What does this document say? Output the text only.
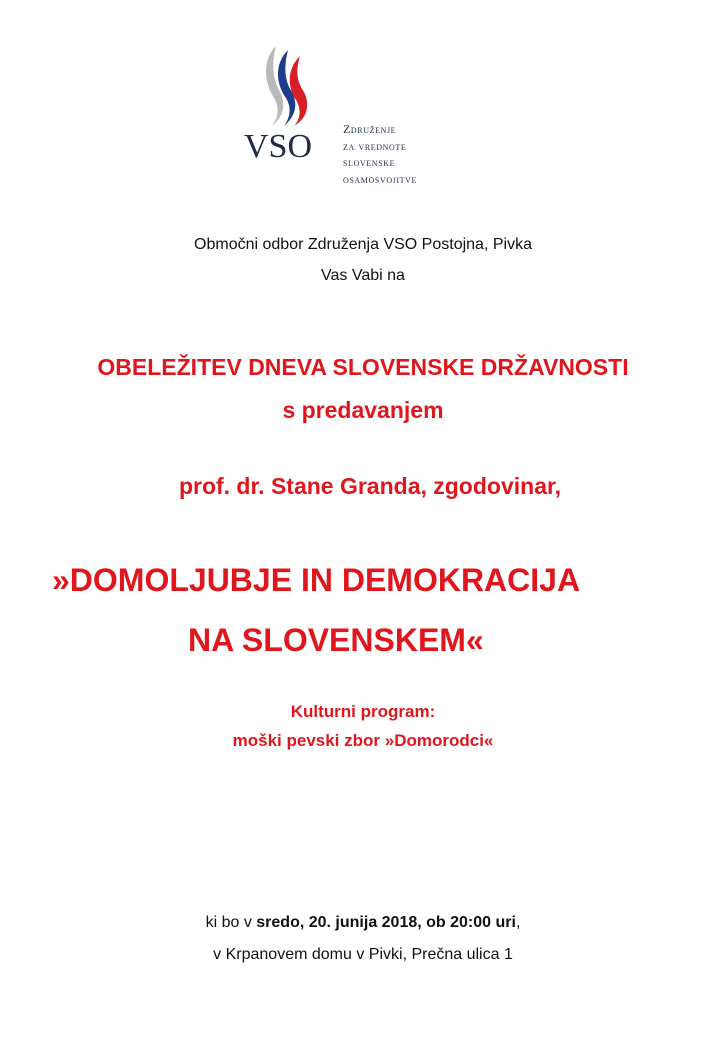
VSO	Združenje
za vrednote
slovenske
osamosvojitve
Območni odbor Združenja VSO Postojna, Pivka
Vas Vabi na
OBELEŽITEV DNEVA SLOVENSKE DRŽAVNOSTI
s predavanjem
prof. dr. Stane Granda, zgodovinar,
»DOMOLJUBJE IN DEMOKRACIJA
NA SLOVENSKEM«
Kulturni program:
moški pevski zbor »Domorodci«
ki bo v sredo, 20. junija 2018, ob 20:00 uri,
v Krpanovem domu v Pivki, Prečna ulica 1
